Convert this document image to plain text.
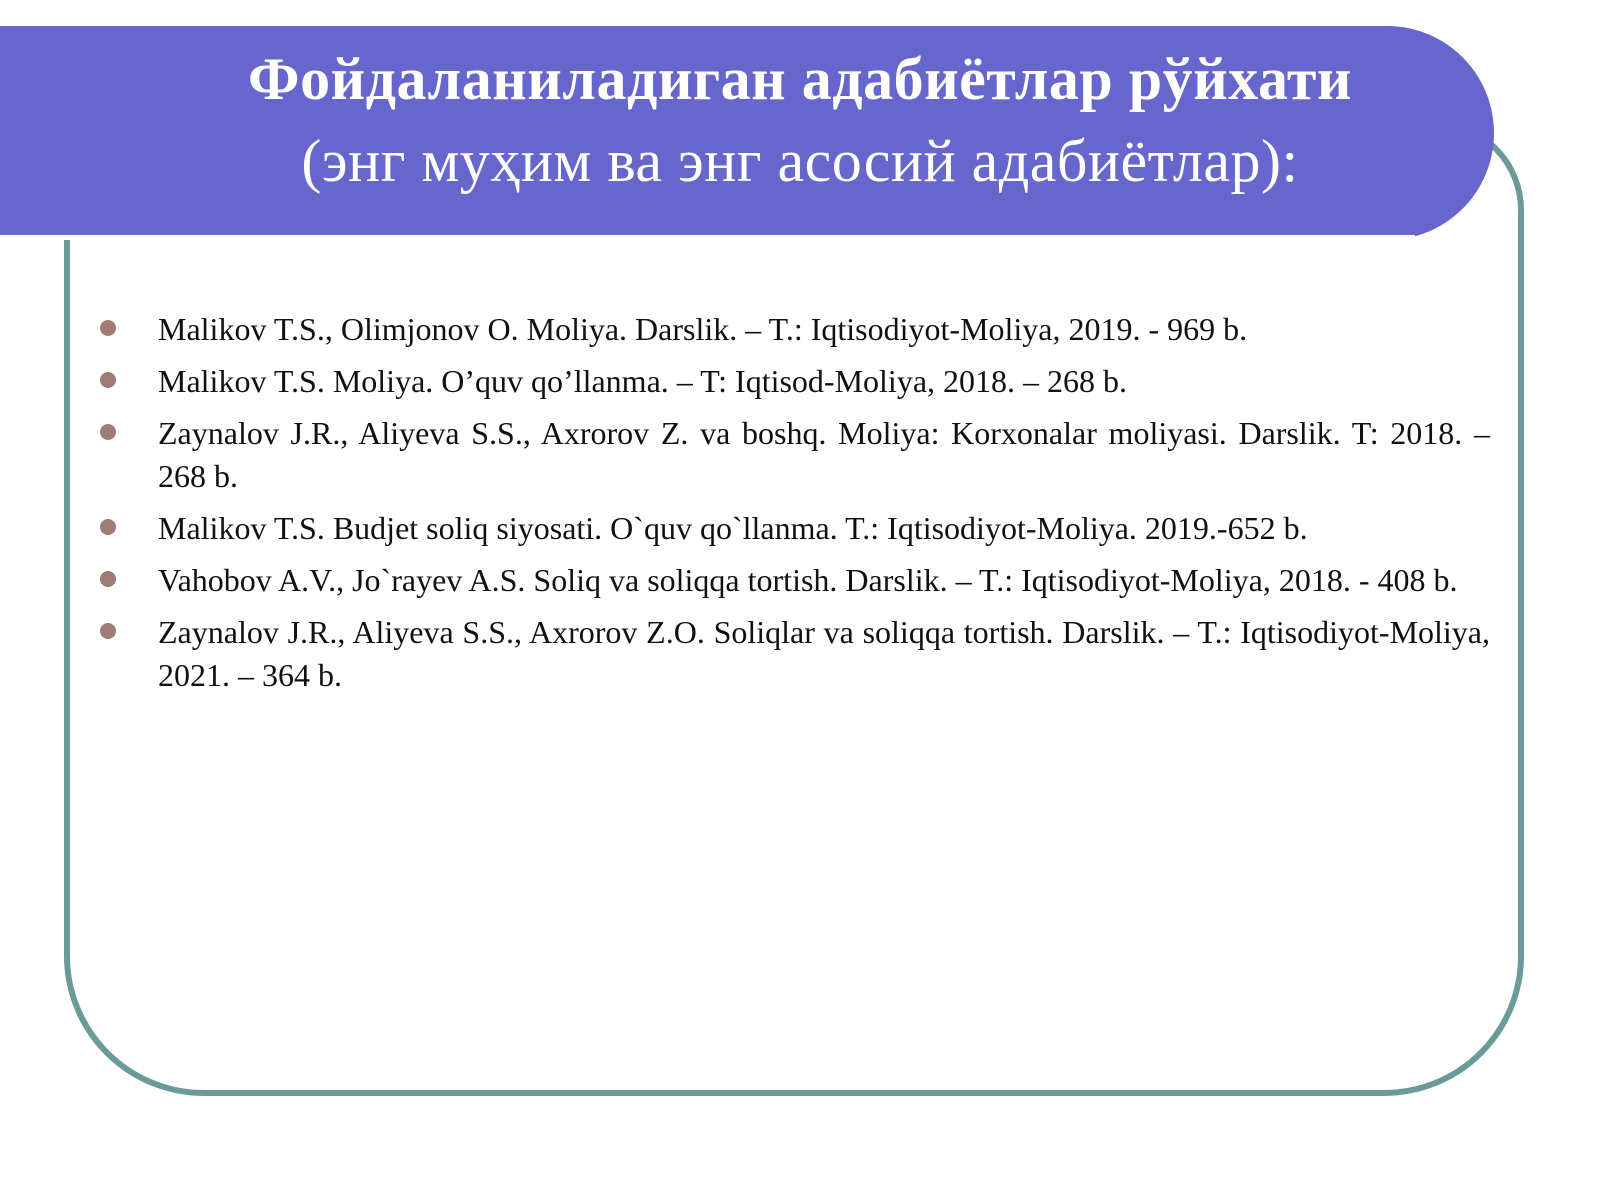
Фойдаланиладиган адабиётлар рўйхати
(энг муҳим ва энг асосий адабиётлар):
Malikov T.S., Olimjonov O. Moliya. Darslik. – T.: Iqtisodiyot-Moliya, 2019. - 969 b.
Malikov T.S. Moliya. O’quv qo’llanma. – T: Iqtisod-Moliya, 2018. – 268 b.
Zaynalov J.R., Aliyeva S.S., Axrorov Z. va boshq. Moliya: Korxonalar moliyasi. Darslik. T: 2018. – 268 b.
Malikov T.S. Budjet soliq siyosati. O`quv qo`llanma. T.: Iqtisodiyot-Moliya. 2019.-652 b.
Vahobov A.V., Jo`rayev A.S. Soliq va soliqqa tortish. Darslik. – T.: Iqtisodiyot-Moliya, 2018. - 408 b.
Zaynalov J.R., Aliyeva S.S., Axrorov Z.O. Soliqlar va soliqqa tortish. Darslik. – T.: Iqtisodiyot-Moliya, 2021. – 364 b.
